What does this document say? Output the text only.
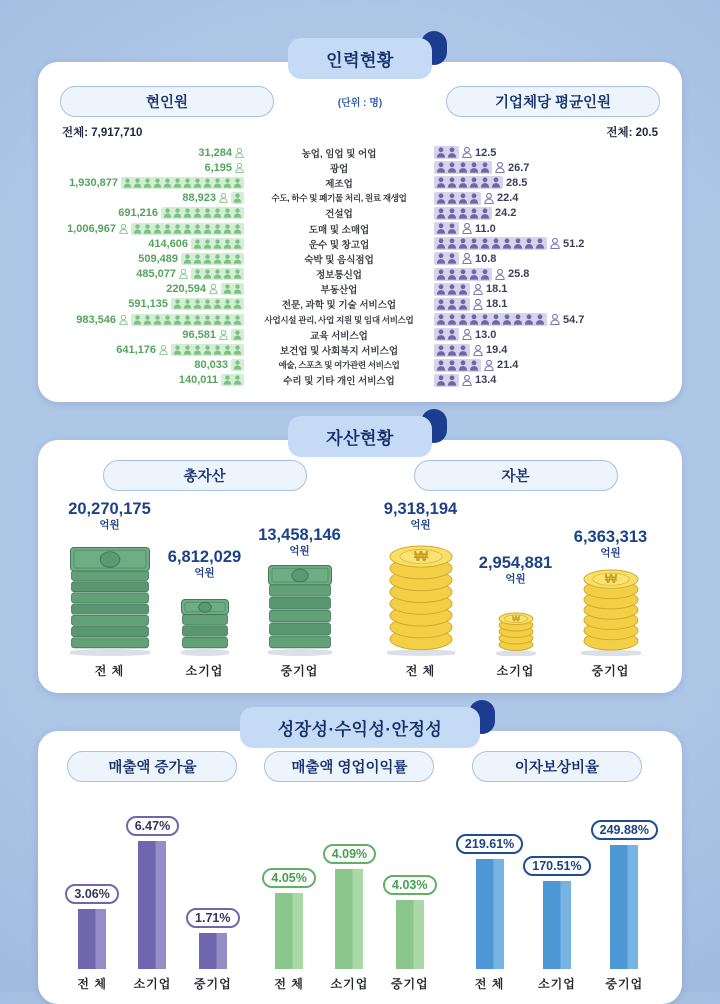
인력현황
현인원	(단위 : 명)	기업체당 평균인원
전체: 7,917,710	전체: 20.5
31,284	농업, 임업 및 어업	12.5
6,195	광업	26.7
1,930,877	제조업	28.5
88,923	수도, 하수 및 폐기물 처리, 원료 재생업	22.4
691,216	건설업	24.2
1,006,967	도매 및 소매업	11.0
414,606	운수 및 창고업	51.2
509,489	숙박 및 음식점업	10.8
485,077	정보통신업	25.8
220,594	부동산업	18.1
591,135	전문, 과학 및 기술 서비스업	18.1
983,546	사업시설 관리, 사업 지원 및 임대 서비스업	54.7
96,581	교육 서비스업	13.0
641,176	보건업 및 사회복지 서비스업	19.4
80,033	예술, 스포츠 및 여가관련 서비스업	21.4
140,011	수리 및 기타 개인 서비스업	13.4
자산현황
총자산
20,270,175
억원
전 체
6,812,029
억원
소기업
13,458,146
억원
중기업
자본
9,318,194
억원
₩
전 체
2,954,881
억원
₩
소기업
6,363,313
억원
₩
중기업
성장성·수익성·안정성
매출액 증가율
3.06%
전 체
6.47%
소기업
1.71%
중기업
매출액 영업이익률
4.05%
전 체
4.09%
소기업
4.03%
중기업
이자보상비율
219.61%
전 체
170.51%
소기업
249.88%
중기업
